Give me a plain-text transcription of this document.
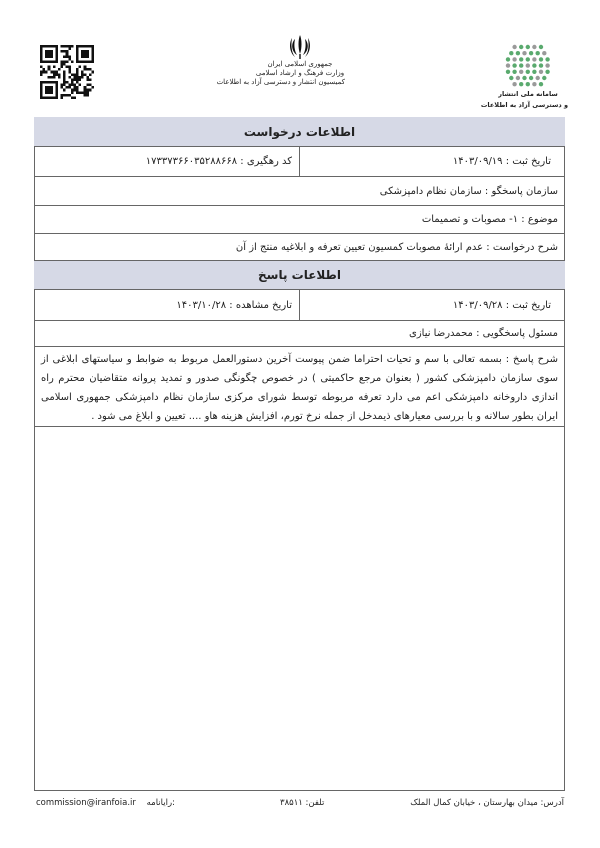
جمهوری اسلامی ایران
وزارت فرهنگ و ارشاد اسلامی
کمیسیون انتشار و دسترسی آزاد به اطلاعات
سامانه ملی انتشار
و دسترسی آزاد به اطلاعات
اطلاعات درخواست
تاریخ ثبت : ۱۴۰۳/۰۹/۱۹
کد رهگیری : ۱۷۳۳۷۳۶۶۰۳۵۲۸۸۶۶۸
سازمان پاسخگو : سازمان نظام دامپزشکی
موضوع : ۱- مصوبات و تصمیمات
شرح درخواست : عدم ارائهٔ مصوبات کمسیون تعیین تعرفه و ابلاغیه منتج از آن
اطلاعات پاسخ
تاریخ ثبت : ۱۴۰۳/۰۹/۲۸
تاریخ مشاهده : ۱۴۰۳/۱۰/۲۸
مسئول پاسخگویی : محمدرضا نیازی
شرح پاسخ : بسمه تعالی با سم و تحیات احتراما ضمن پیوست آخرین دستورالعمل مربوط به ضوابط و سیاستهای ابلاغی از سوی سازمان دامپزشکی کشور ( بعنوان مرجع حاکمیتی ) در خصوص چگونگی صدور و تمدید پروانه متقاضیان محترم راه اندازی داروخانه دامپزشکی اعم می دارد تعرفه مربوطه توسط شورای مرکزی سازمان نظام دامپزشکی جمهوری اسلامی ایران بطور سالانه و با بررسی معیارهای ذیمدخل از جمله نرخ تورم، افزایش هزینه هاو .... تعیین و ابلاغ می شود .
آدرس: میدان بهارستان ، خیابان کمال الملک
تلفن: ۳۸۵۱۱
commission@iranfoia.ir رایانامه:
